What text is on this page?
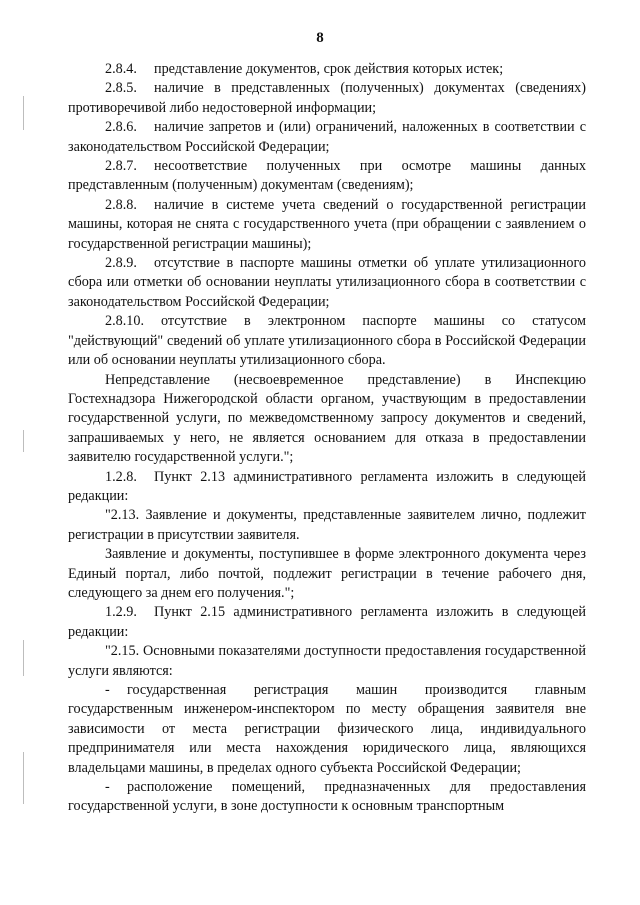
8

2.8.4. представление документов, срок действия которых истек;

2.8.5. наличие в представленных (полученных) документах (сведениях) противоречивой либо недостоверной информации;

2.8.6. наличие запретов и (или) ограничений, наложенных в соответствии с законодательством Российской Федерации;

2.8.7. несоответствие полученных при осмотре машины данных представленным (полученным) документам (сведениям);

2.8.8. наличие в системе учета сведений о государственной регистрации машины, которая не снята с государственного учета (при обращении с заявлением о государственной регистрации машины);

2.8.9. отсутствие в паспорте машины отметки об уплате утилизационного сбора или отметки об основании неуплаты утилизационного сбора в соответствии с законодательством Российской Федерации;

2.8.10. отсутствие в электронном паспорте машины со статусом "действующий" сведений об уплате утилизационного сбора в Российской Федерации или об основании неуплаты утилизационного сбора.

Непредставление (несвоевременное представление) в Инспекцию Гостехнадзора Нижегородской области органом, участвующим в предоставлении государственной услуги, по межведомственному запросу документов и сведений, запрашиваемых у него, не является основанием для отказа в предоставлении заявителю государственной услуги.";

1.2.8. Пункт 2.13 административного регламента изложить в следующей редакции:

"2.13. Заявление и документы, представленные заявителем лично, подлежит регистрации в присутствии заявителя.

Заявление и документы, поступившее в форме электронного документа через Единый портал, либо почтой, подлежит регистрации в течение рабочего дня, следующего за днем его получения.";

1.2.9. Пункт 2.15 административного регламента изложить в следующей редакции:

"2.15. Основными показателями доступности предоставления государственной услуги являются:

- государственная регистрация машин производится главным государственным инженером-инспектором по месту обращения заявителя вне зависимости от места регистрации физического лица, индивидуального предпринимателя или места нахождения юридического лица, являющихся владельцами машины, в пределах одного субъекта Российской Федерации;

- расположение помещений, предназначенных для предоставления государственной услуги, в зоне доступности к основным транспортным
